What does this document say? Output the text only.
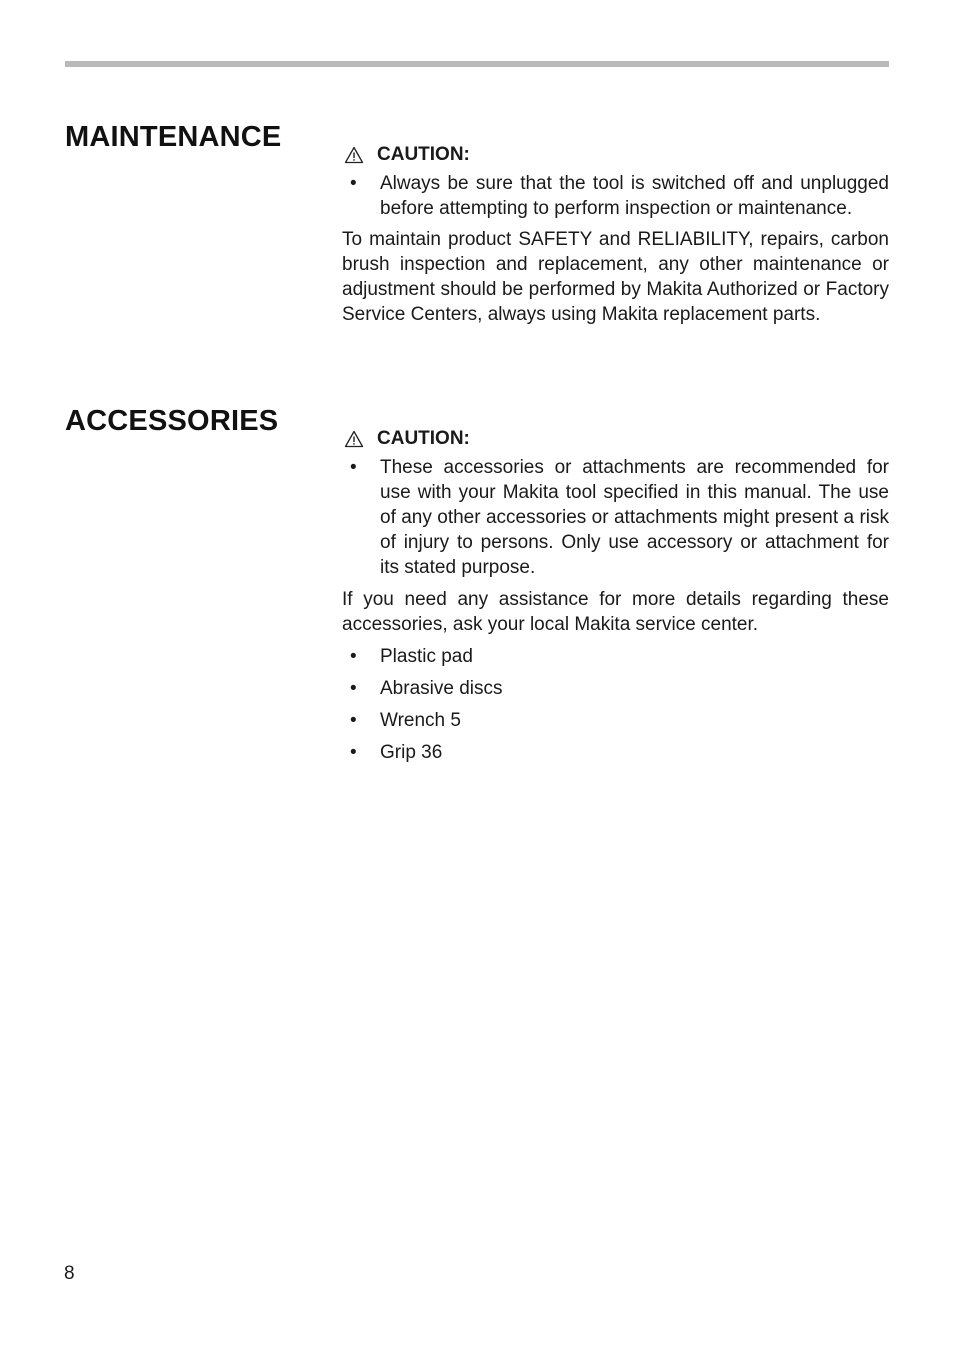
MAINTENANCE
CAUTION:
•	Always be sure that the tool is switched off and unplugged before attempting to perform inspection or maintenance.

To maintain product SAFETY and RELIABILITY, repairs, carbon brush inspection and replacement, any other maintenance or adjustment should be performed by Makita Authorized or Factory Service Centers, always using Makita replacement parts.

ACCESSORIES
CAUTION:
•	These accessories or attachments are recommended for use with your Makita tool specified in this manual. The use of any other accessories or attachments might present a risk of injury to persons. Only use accessory or attachment for its stated purpose.

If you need any assistance for more details regarding these accessories, ask your local Makita service center.

•	Plastic pad
•	Abrasive discs
•	Wrench 5
•	Grip 36
8
